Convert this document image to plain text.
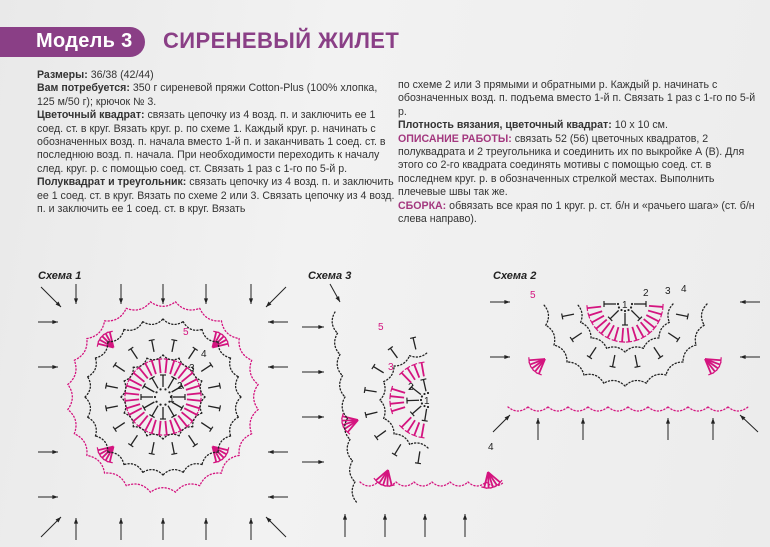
Модель 3 СИРЕНЕВЫЙ ЖИЛЕТ

Размеры: 36/38 (42/44)

Вам потребуется: 350 г сиреневой пряжи Cotton-Plus (100% хлопка, 125 м/50 г); крючок № 3.

Цветочный квадрат: связать цепочку из 4 возд. п. и заключить ее 1 соед. ст. в круг. Вязать круг. р. по схеме 1. Каждый круг. р. начинать с обозначенных возд. п. начала вместо 1-й п. и заканчивать 1 соед. ст. в последнюю возд. п. начала. При необходимости переходить к началу след. круг. р. с помощью соед. ст. Связать 1 раз с 1-го по 5-й р.

Полуквадрат и треугольник: связать цепочку из 4 возд. п. и заключить ее 1 соед. ст. в круг. Вязать по схеме 2 или 3. Связать цепочку из 4 возд. п. и заключить ее 1 соед. ст. в круг. Вязать

по схеме 2 или 3 прямыми и обратными р. Каждый р. начинать с обозначенных возд. п. подъема вместо 1-й п. Связать 1 раз с 1-го по 5-й р.

Плотность вязания, цветочный квадрат: 10 х 10 см.

ОПИСАНИЕ РАБОТЫ: связать 52 (56) цветочных квадратов, 2 полуквадрата и 2 треугольника и соединить их по выкройке А (В). Для этого со 2-го квадрата соединять мотивы с помощью соед. ст. в последнем круг. р. в обозначенных стрелкой местах. Выполнить плечевые швы так же.

СБОРКА: обвязать все края по 1 круг. р. ст. б/н и «рачьего шага» (ст. б/н слева направо).

Схема 1	Схема 3	Схема 2
1
2
3
4
5
1
2
3
4
5
1
2 3 4
5
